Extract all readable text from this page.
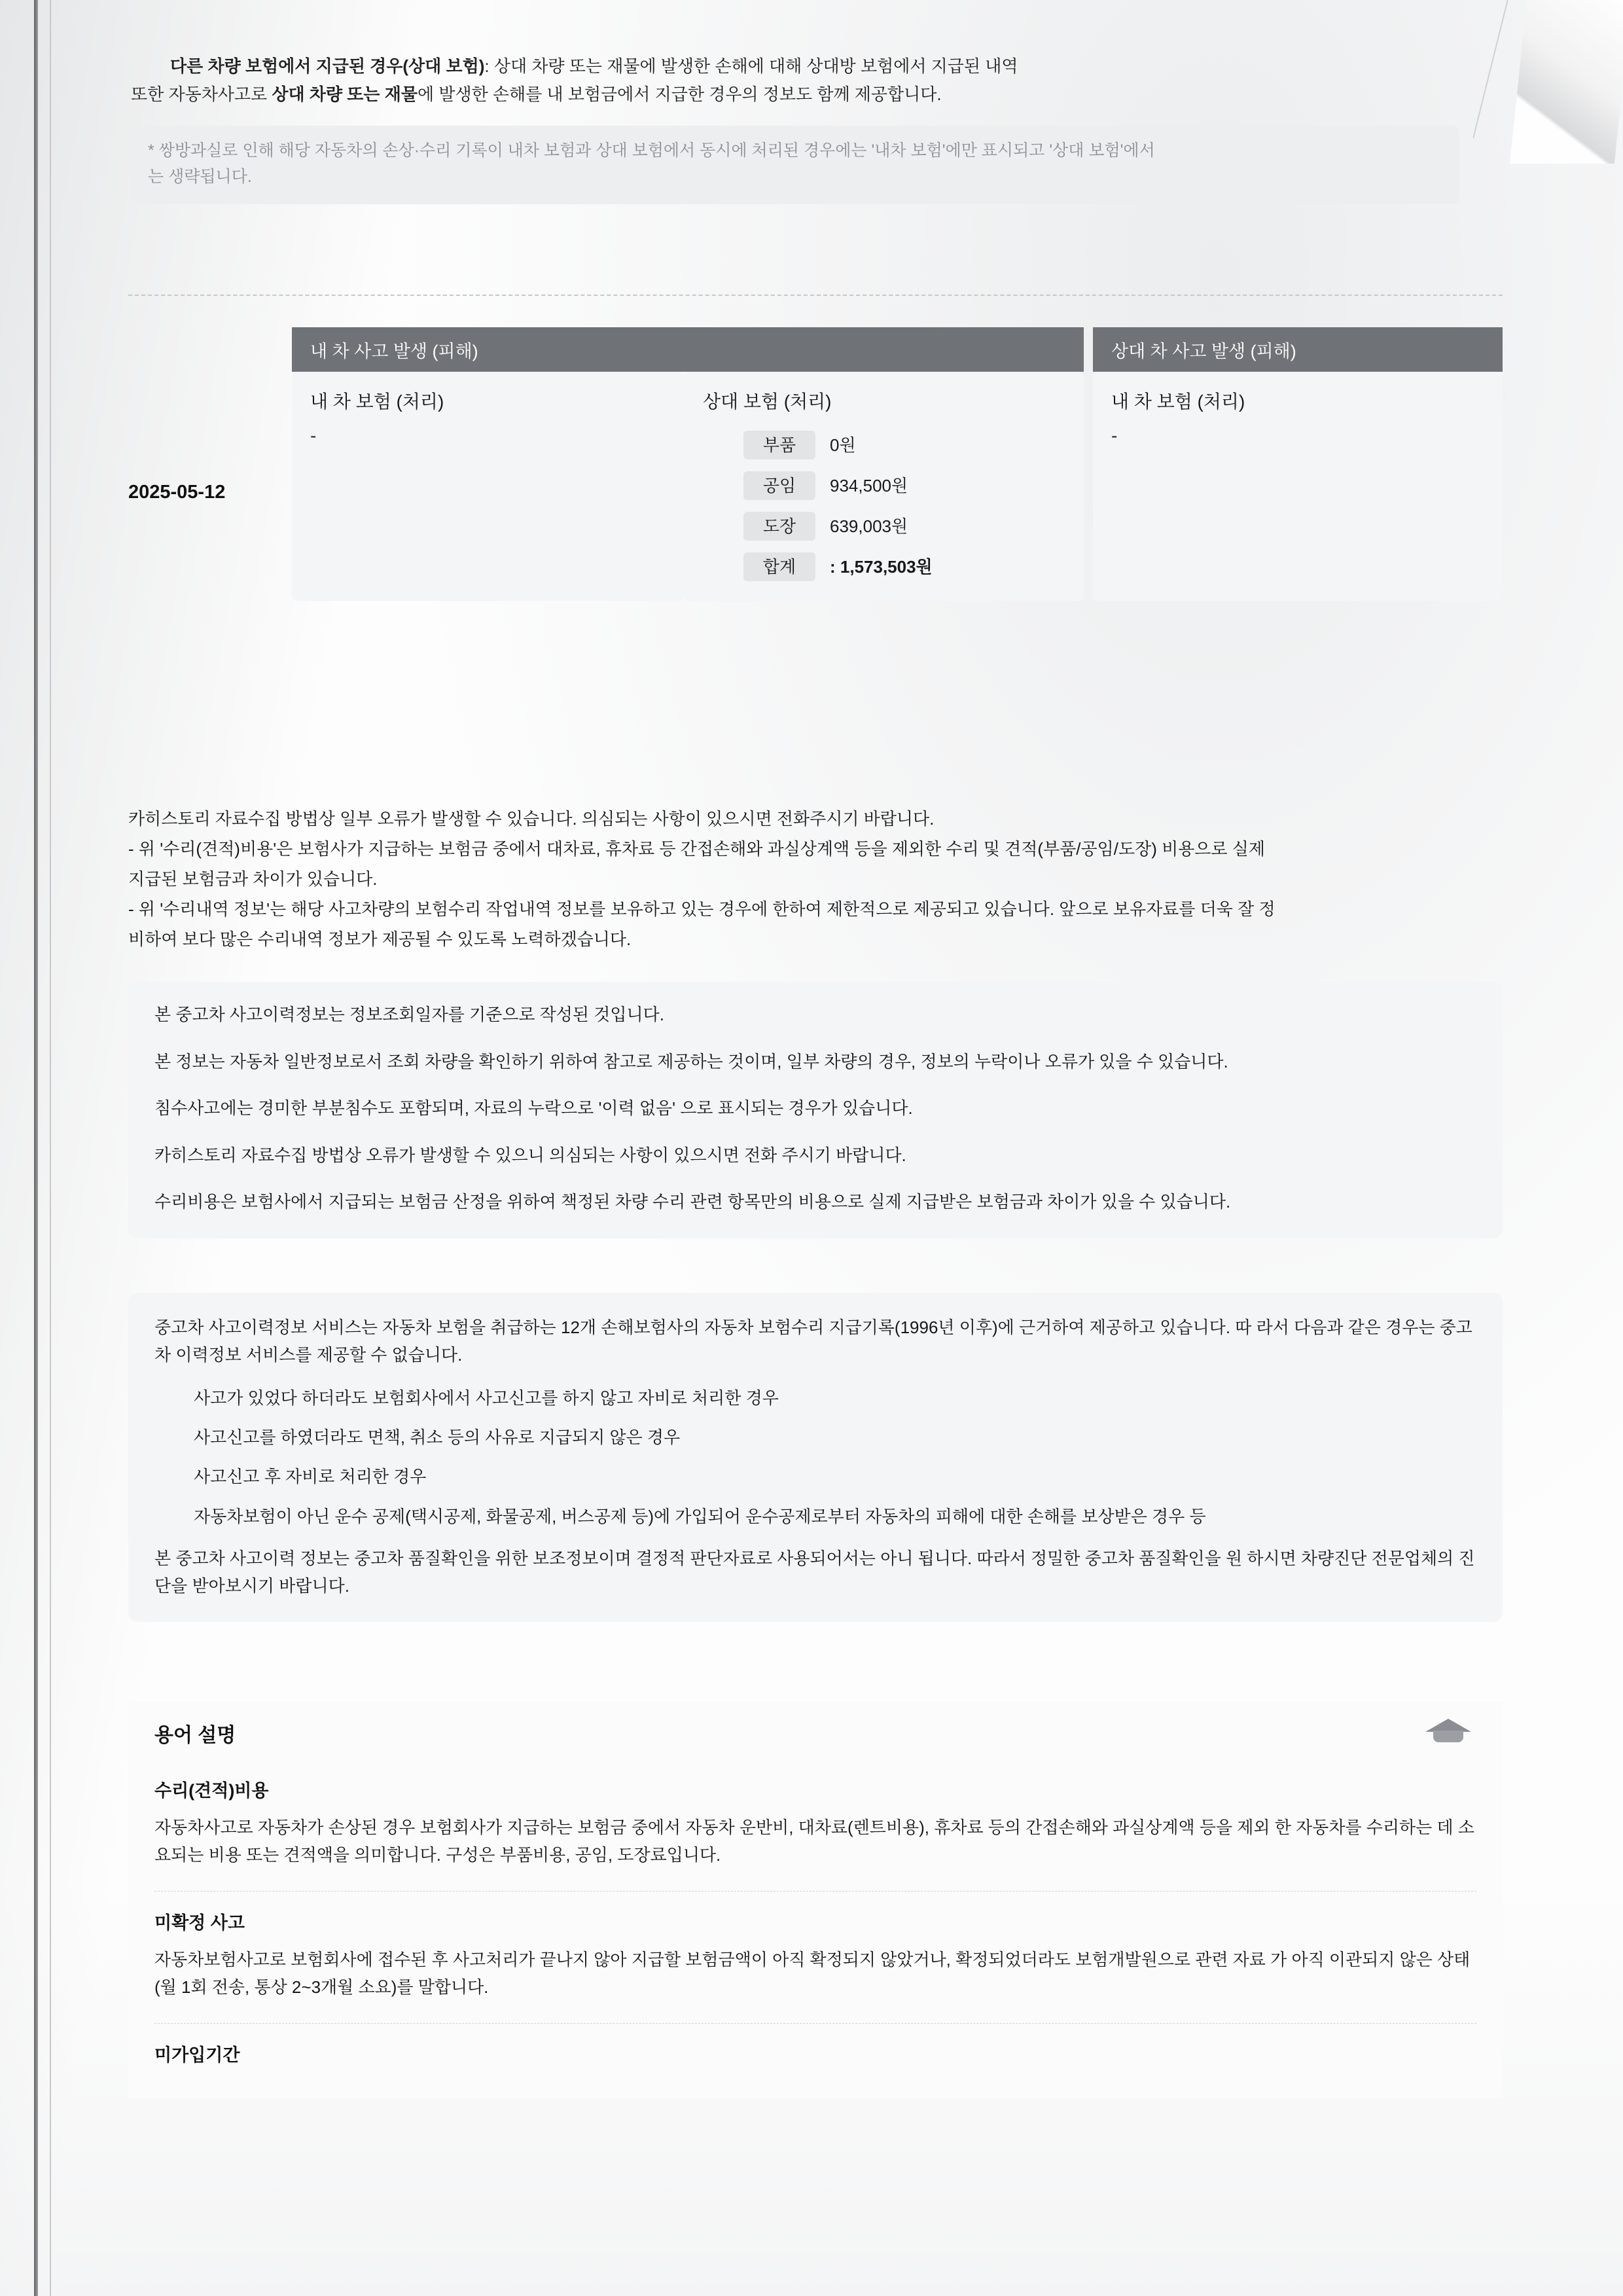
다른 차량 보험에서 지급된 경우(상대 보험): 상대 차량 또는 재물에 발생한 손해에 대해 상대방 보험에서 지급된 내역
또한 자동차사고로 상대 차량 또는 재물에 발생한 손해를 내 보험금에서 지급한 경우의 정보도 함께 제공합니다.
* 쌍방과실로 인해 해당 자동차의 손상·수리 기록이 내차 보험과 상대 보험에서 동시에 처리된 경우에는 '내차 보험'에만 표시되고 '상대 보험'에서
는 생략됩니다.
내 차 사고 발생 (피해)	상대 차 사고 발생 (피해)
2025-05-12
내 차 보험 (처리)
-
상대 보험 (처리)
부품	0원
공임	934,500원
도장	639,003원
합계	: 1,573,503원
내 차 보험 (처리)
-

카히스토리 자료수집 방법상 일부 오류가 발생할 수 있습니다. 의심되는 사항이 있으시면 전화주시기 바랍니다.

- 위 '수리(견적)비용'은 보험사가 지급하는 보험금 중에서 대차료, 휴차료 등 간접손해와 과실상계액 등을 제외한 수리 및 견적(부품/공임/도장) 비용으로 실제

지급된 보험금과 차이가 있습니다.

- 위 '수리내역 정보'는 해당 사고차량의 보험수리 작업내역 정보를 보유하고 있는 경우에 한하여 제한적으로 제공되고 있습니다. 앞으로 보유자료를 더욱 잘 정

비하여 보다 많은 수리내역 정보가 제공될 수 있도록 노력하겠습니다.

본 중고차 사고이력정보는 정보조회일자를 기준으로 작성된 것입니다.

본 정보는 자동차 일반정보로서 조회 차량을 확인하기 위하여 참고로 제공하는 것이며, 일부 차량의 경우, 정보의 누락이나 오류가 있을 수 있습니다.

침수사고에는 경미한 부분침수도 포함되며, 자료의 누락으로 '이력 없음' 으로 표시되는 경우가 있습니다.

카히스토리 자료수집 방법상 오류가 발생할 수 있으니 의심되는 사항이 있으시면 전화 주시기 바랍니다.

수리비용은 보험사에서 지급되는 보험금 산정을 위하여 책정된 차량 수리 관련 항목만의 비용으로 실제 지급받은 보험금과 차이가 있을 수 있습니다.

중고차 사고이력정보 서비스는 자동차 보험을 취급하는 12개 손해보험사의 자동차 보험수리 지급기록(1996년 이후)에 근거하여 제공하고 있습니다. 따 라서 다음과 같은 경우는 중고차 이력정보 서비스를 제공할 수 없습니다.

사고가 있었다 하더라도 보험회사에서 사고신고를 하지 않고 자비로 처리한 경우
사고신고를 하였더라도 면책, 취소 등의 사유로 지급되지 않은 경우
사고신고 후 자비로 처리한 경우
자동차보험이 아닌 운수 공제(택시공제, 화물공제, 버스공제 등)에 가입되어 운수공제로부터 자동차의 피해에 대한 손해를 보상받은 경우 등

본 중고차 사고이력 정보는 중고차 품질확인을 위한 보조정보이며 결정적 판단자료로 사용되어서는 아니 됩니다. 따라서 정밀한 중고차 품질확인을 원 하시면 차량진단 전문업체의 진단을 받아보시기 바랍니다.

용어 설명
수리(견적)비용

자동차사고로 자동차가 손상된 경우 보험회사가 지급하는 보험금 중에서 자동차 운반비, 대차료(렌트비용), 휴차료 등의 간접손해와 과실상계액 등을 제외 한 자동차를 수리하는 데 소요되는 비용 또는 견적액을 의미합니다. 구성은 부품비용, 공임, 도장료입니다.

미확정 사고

자동차보험사고로 보험회사에 접수된 후 사고처리가 끝나지 않아 지급할 보험금액이 아직 확정되지 않았거나, 확정되었더라도 보험개발원으로 관련 자료 가 아직 이관되지 않은 상태(월 1회 전송, 통상 2~3개월 소요)를 말합니다.

미가입기간
